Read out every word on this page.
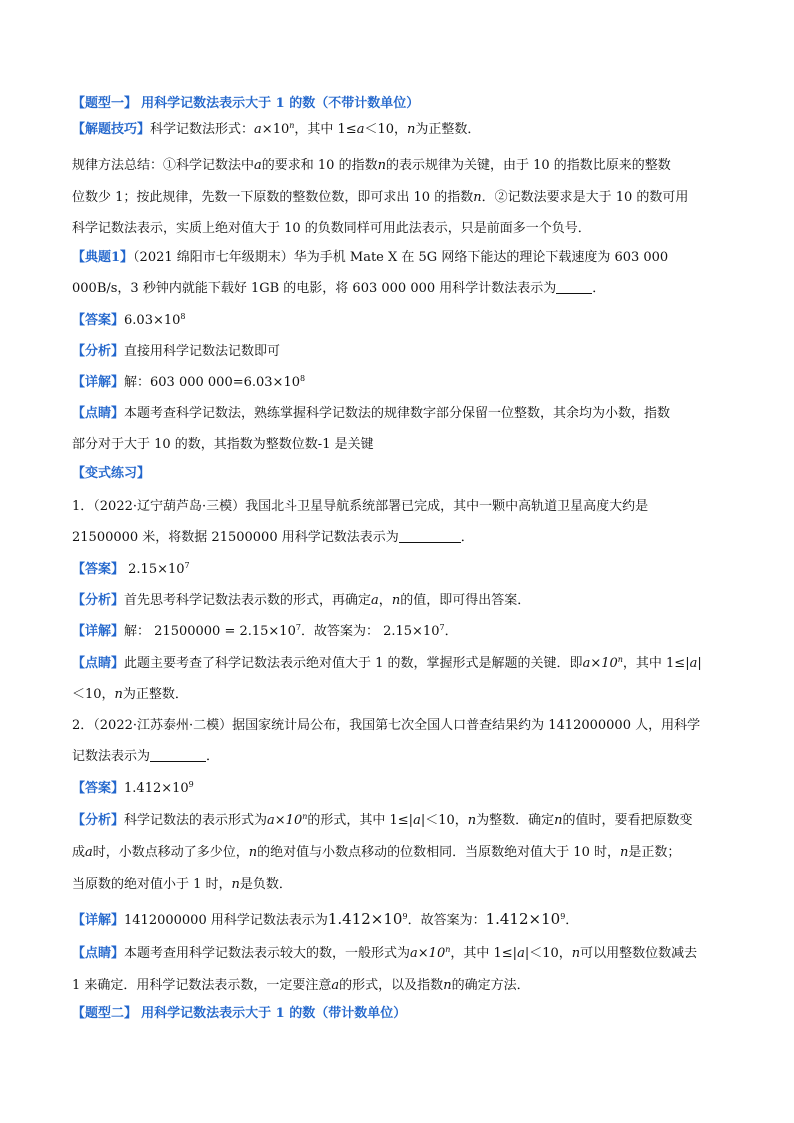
【题型一】 用科学记数法表示大于 1 的数（不带计数单位）
【解题技巧】科学记数法形式：$a\times 10^n$，其中 1≤a＜10，n为正整数．
规律方法总结：①科学记数法中a的要求和 10 的指数n的表示规律为关键，由于 10 的指数比原来的整数
位数少 1；按此规律，先数一下原数的整数位数，即可求出 10 的指数n．②记数法要求是大于 10 的数可用
科学记数法表示，实质上绝对值大于 10 的负数同样可用此法表示，只是前面多一个负号．
【典题1】（2021 绵阳市七年级期末）华为手机 Mate X 在 5G 网络下能达的理论下载速度为 603 000
000B/s，3 秒钟内就能下载好 1GB 的电影，将 603 000 000 用科学计数法表示为	．
【答案】$6.03\times 10^8$
【分析】直接用科学记数法记数即可
【详解】解：603 000 $000=6.03\times 10^8$
【点睛】本题考查科学记数法，熟练掌握科学记数法的规律数字部分保留一位整数，其余均为小数，指数
部分对于大于 10 的数，其指数为整数位数-1 是关键
【变式练习】
1．（2022·辽宁葫芦岛·三模）我国北斗卫星导航系统部署已完成，其中一颗中高轨道卫星高度大约是
21500000 米，将数据 21500000 用科学记数法表示为	．
【答案】 $2.15\times 10^7$
【分析】首先思考科学记数法表示数的形式，再确定a，n的值，即可得出答案．
【详解】解： $21500000 = 2.15\times 10^7$．故答案为： $2.15\times 10^7$．
【点睛】此题主要考查了科学记数法表示绝对值大于 1 的数，掌握形式是解题的关键．即$a\times 10^n$，其中 1≤|a|
＜10，n为正整数．
2．（2022·江苏泰州·二模）据国家统计局公布，我国第七次全国人口普查结果约为 1412000000 人，用科学
记数法表示为	．
【答案】$1.412\times 10^9$
【分析】科学记数法的表示形式为$a\times 10^n$的形式，其中 1≤|a|＜10，n为整数．确定n的值时，要看把原数变
成a时，小数点移动了多少位，n的绝对值与小数点移动的位数相同．当原数绝对值大于 10 时，n是正数；
当原数的绝对值小于 1 时，n是负数．
【详解】1412000000 用科学记数法表示为$1.412\times 10^9$．故答案为：$1.412\times 10^9$．
【点睛】本题考查用科学记数法表示较大的数，一般形式为$a\times 10^n$，其中 1≤|a|＜10，n可以用整数位数减去
1 来确定．用科学记数法表示数，一定要注意a的形式，以及指数n的确定方法．
【题型二】 用科学记数法表示大于 1 的数（带计数单位）
